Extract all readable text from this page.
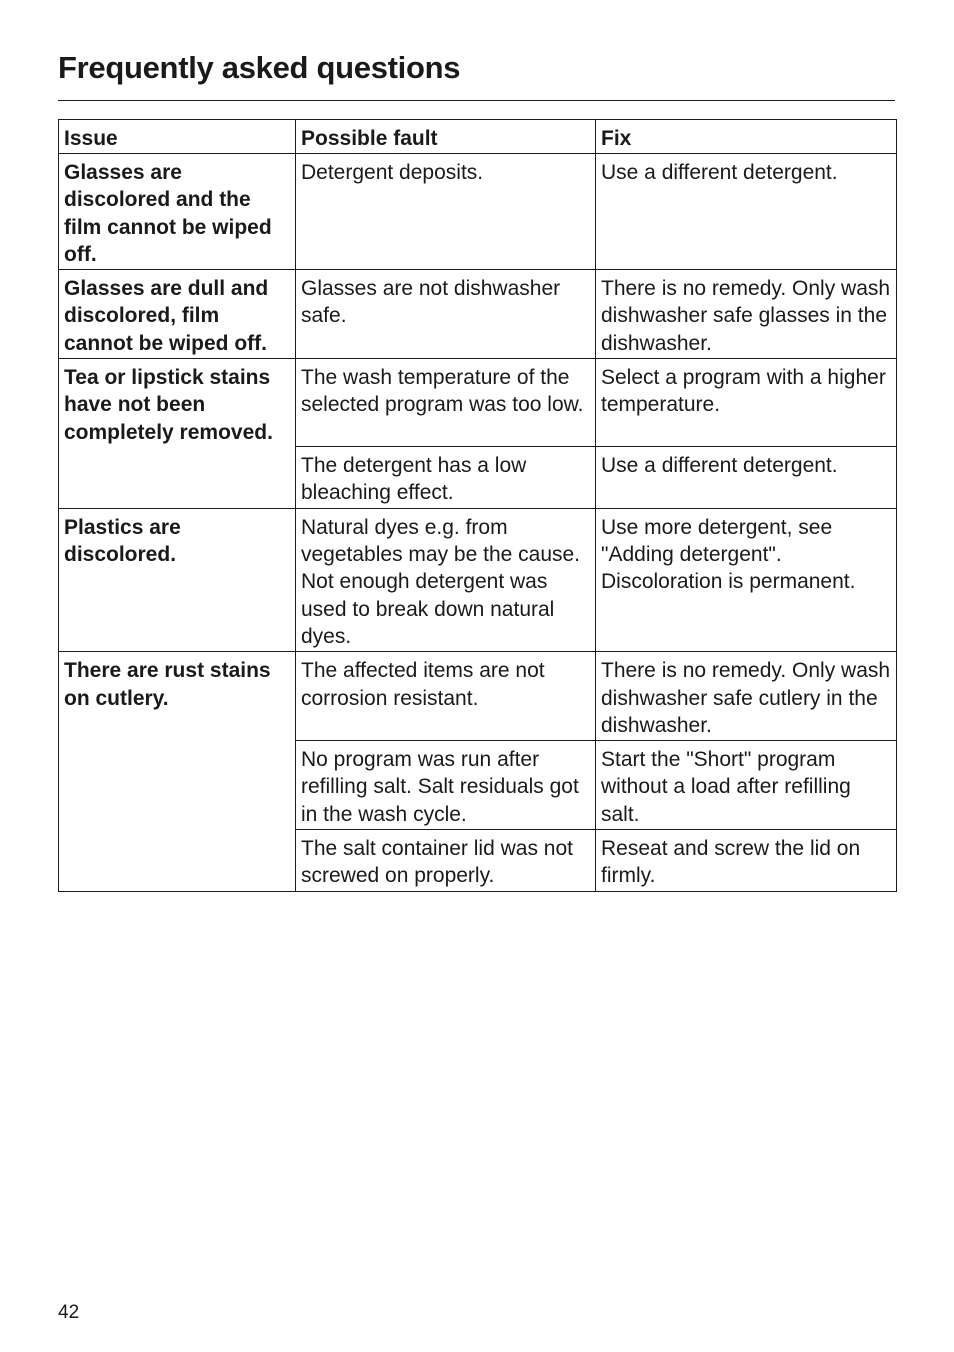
Frequently asked questions
Issue	Possible fault	Fix
Glasses are discolored and the film cannot be wiped off.	Detergent deposits.	Use a different detergent.
Glasses are dull and discolored, film cannot be wiped off.	Glasses are not dishwasher safe.	There is no remedy. Only wash dishwasher safe glasses in the dishwasher.
Tea or lipstick stains have not been completely removed.	The wash temperature of the selected program was too low.	Select a program with a higher temperature.
	The detergent has a low bleaching effect.	Use a different detergent.
Plastics are discolored.	Natural dyes e.g. from vegetables may be the cause. Not enough detergent was used to break down natural dyes.	Use more detergent, see "Adding detergent". Discoloration is permanent.
There are rust stains on cutlery.	The affected items are not corrosion resistant.	There is no remedy. Only wash dishwasher safe cutlery in the dishwasher.
	No program was run after refilling salt. Salt residuals got in the wash cycle.	Start the "Short" program without a load after refilling salt.
	The salt container lid was not screwed on properly.	Reseat and screw the lid on firmly.
42
